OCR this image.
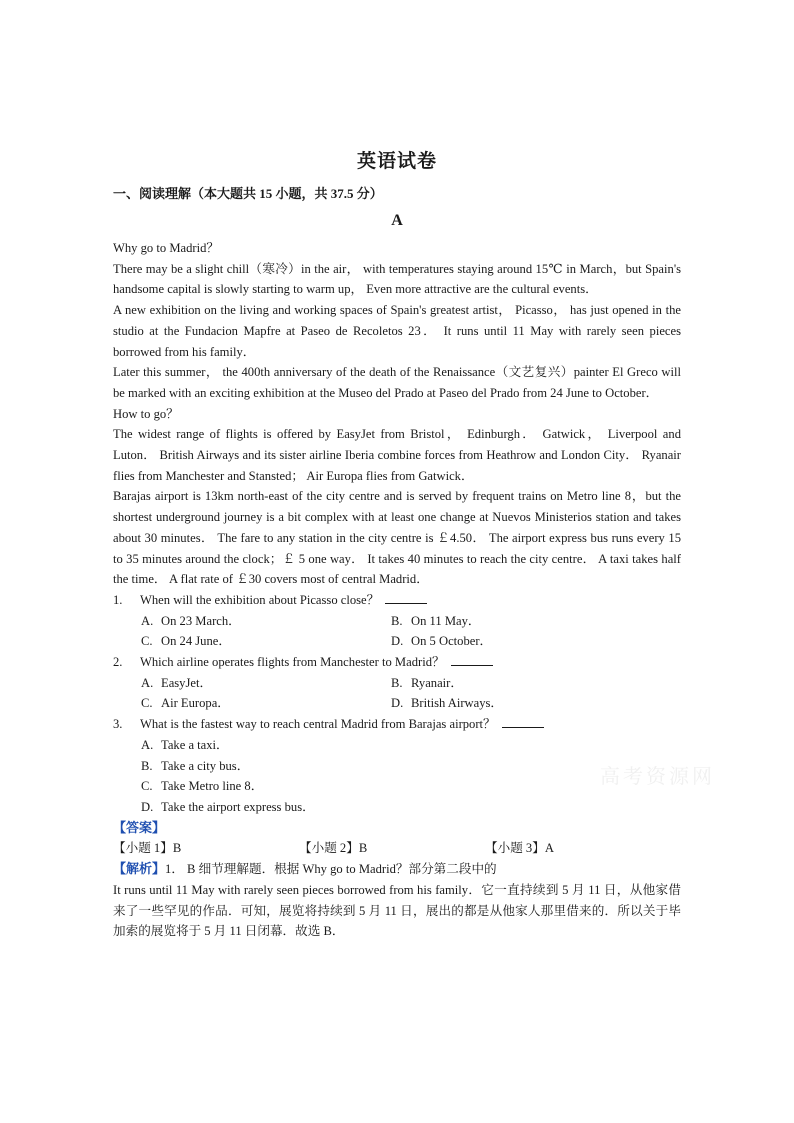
英语试卷
一、阅读理解（本大题共 15 小题，共 37.5 分）
A

Why go to Madrid？

There may be a slight chill（寒冷）in the air， with temperatures staying around 15℃ in March，but Spain's handsome capital is slowly starting to warm up， Even more attractive are the cultural events．

A new exhibition on the living and working spaces of Spain's greatest artist， Picasso， has just opened in the studio at the Fundacion Mapfre at Paseo de Recoletos 23． It runs until 11 May with rarely seen pieces borrowed from his family．

Later this summer， the 400th anniversary of the death of the Renaissance（文艺复兴）painter El Greco will be marked with an exciting exhibition at the Museo del Prado at Paseo del Prado from 24 June to October．

How to go？

The widest range of flights is offered by EasyJet from Bristol， Edinburgh． Gatwick， Liverpool and Luton． British Airways and its sister airline Iberia combine forces from Heathrow and London City． Ryanair flies from Manchester and Stansted； Air Europa flies from Gatwick．

Barajas airport is 13km north-east of the city centre and is served by frequent trains on Metro line 8，but the shortest underground journey is a bit complex with at least one change at Nuevos Ministerios station and takes about 30 minutes． The fare to any station in the city centre is ￡4.50． The airport express bus runs every 15 to 35 minutes around the clock；￡ 5 one way． It takes 40 minutes to reach the city centre． A taxi takes half the time． A flat rate of ￡30 covers most of central Madrid．

1.	When will the exhibition about Picasso close？
A. On 23 March．	B. On 11 May．
C. On 24 June．	D. On 5 October．
2.	Which airline operates flights from Manchester to Madrid？
A. EasyJet．	B. Ryanair．
C. Air Europa．	D. British Airways．
3.	What is the fastest way to reach central Madrid from Barajas airport？
A. Take a taxi．
B. Take a city bus．
C. Take Metro line 8．
D. Take the airport express bus．
【答案】
【小题 1】B	【小题 2】B	【小题 3】A

【解析】1． B 细节理解题．根据 Why go to Madrid？部分第二段中的

It runs until 11 May with rarely seen pieces borrowed from his family．它一直持续到 5 月 11 日，从他家借来了一些罕见的作品．可知，展览将持续到 5 月 11 日，展出的都是从他家人那里借来的．所以关于毕加索的展览将于 5 月 11 日闭幕．故选 B．

高考资源网
